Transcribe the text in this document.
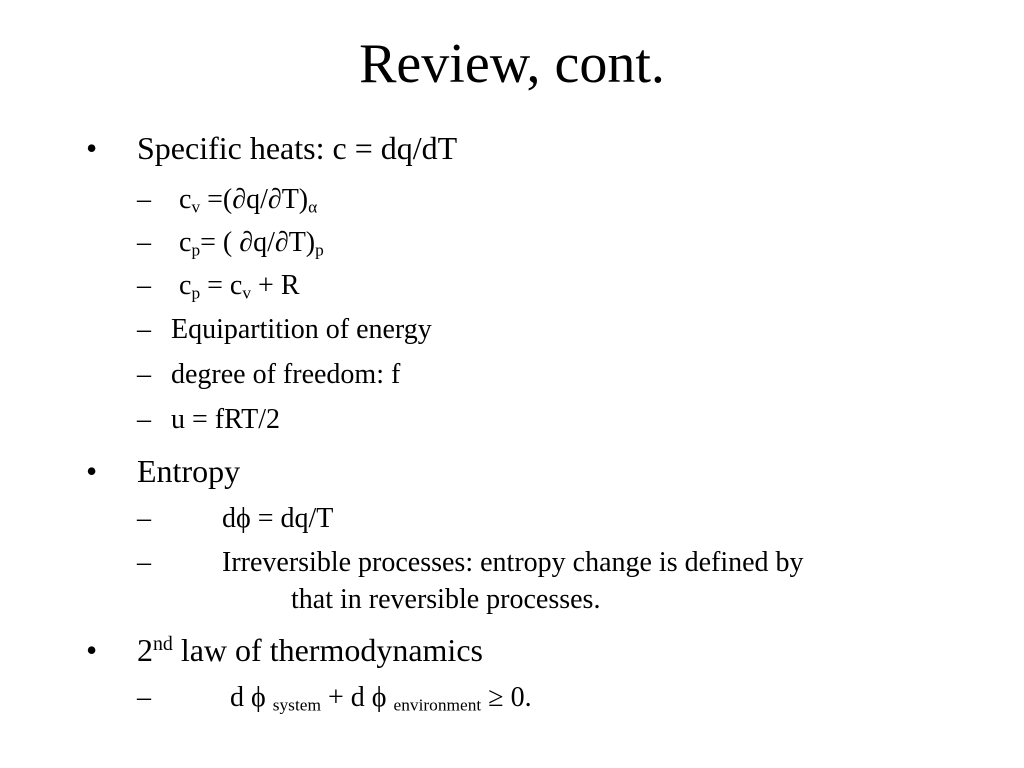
Review, cont.
• Specific heats: c = dq/dT
– $c_v =(\partial q/\partial T)_\alpha$
– $c_p=$ ( $\partial q/\partial T)_p$
– $c_p = c_v + R$
– Equipartition of energy
– degree of freedom: f
– u = fRT/2
• Entropy
–	dϕ = dq/T
–	Irreversible processes: entropy change is defined by
that in reversible processes.
• 2nd law of thermodynamics
–	d ϕ $_{system}$ + d ϕ $_{environment}$ ≥ 0.
